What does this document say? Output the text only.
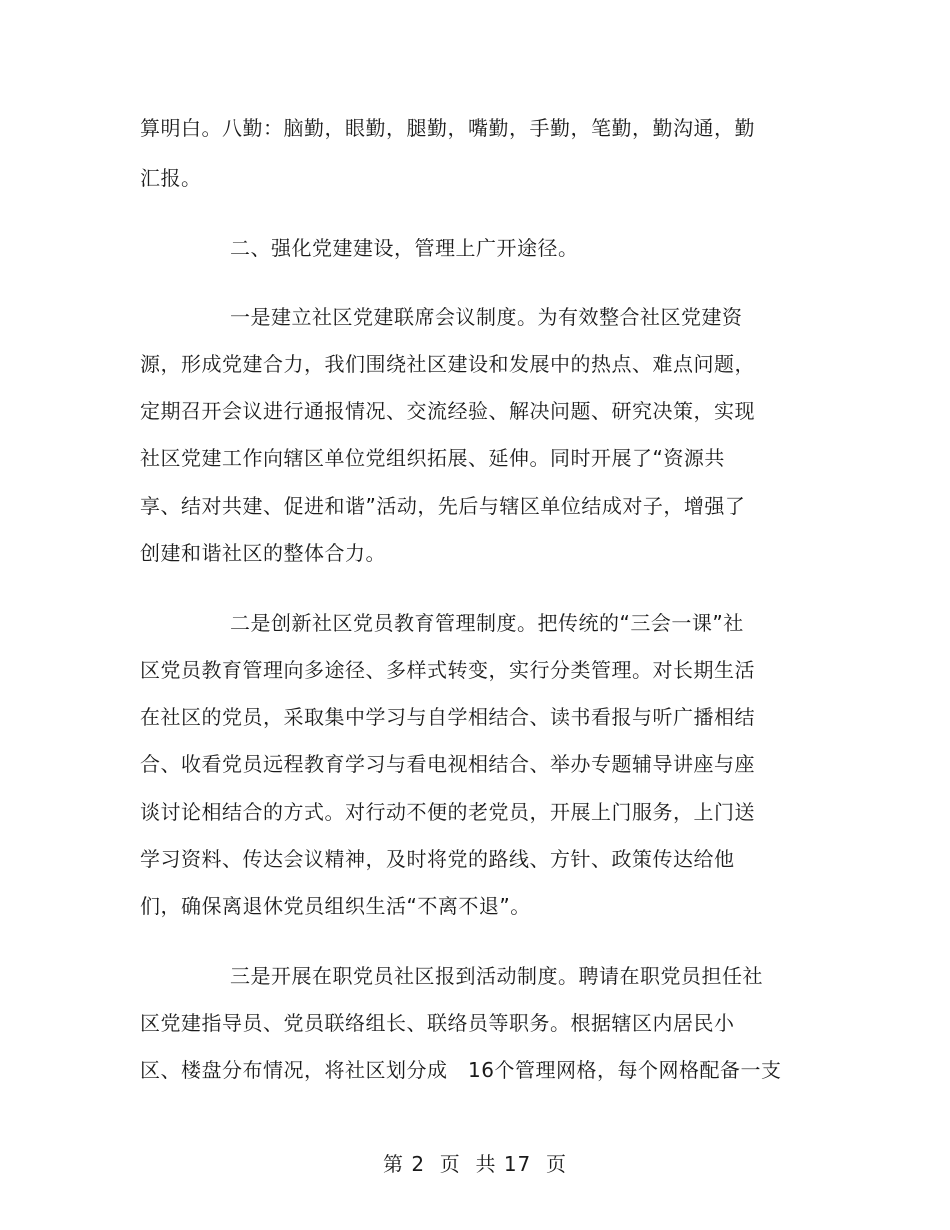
算明白。八勤：脑勤，眼勤，腿勤，嘴勤，手勤，笔勤，勤沟通，勤
汇报。
二、强化党建建设，管理上广开途径。
一是建立社区党建联席会议制度。为有效整合社区党建资
源，形成党建合力，我们围绕社区建设和发展中的热点、难点问题，
定期召开会议进行通报情况、交流经验、解决问题、研究决策，实现
社区党建工作向辖区单位党组织拓展、延伸。同时开展了“资源共
享、结对共建、促进和谐”活动，先后与辖区单位结成对子，增强了
创建和谐社区的整体合力。
二是创新社区党员教育管理制度。把传统的“三会一课”社
区党员教育管理向多途径、多样式转变，实行分类管理。对长期生活
在社区的党员，采取集中学习与自学相结合、读书看报与听广播相结
合、收看党员远程教育学习与看电视相结合、举办专题辅导讲座与座
谈讨论相结合的方式。对行动不便的老党员，开展上门服务，上门送
学习资料、传达会议精神，及时将党的路线、方针、政策传达给他
们，确保离退休党员组织生活“不离不退”。
三是开展在职党员社区报到活动制度。聘请在职党员担任社
区党建指导员、党员联络组长、联络员等职务。根据辖区内居民小
区、楼盘分布情况，将社区划分成　16个管理网格，每个网格配备一支
第 2  页  共 17  页
